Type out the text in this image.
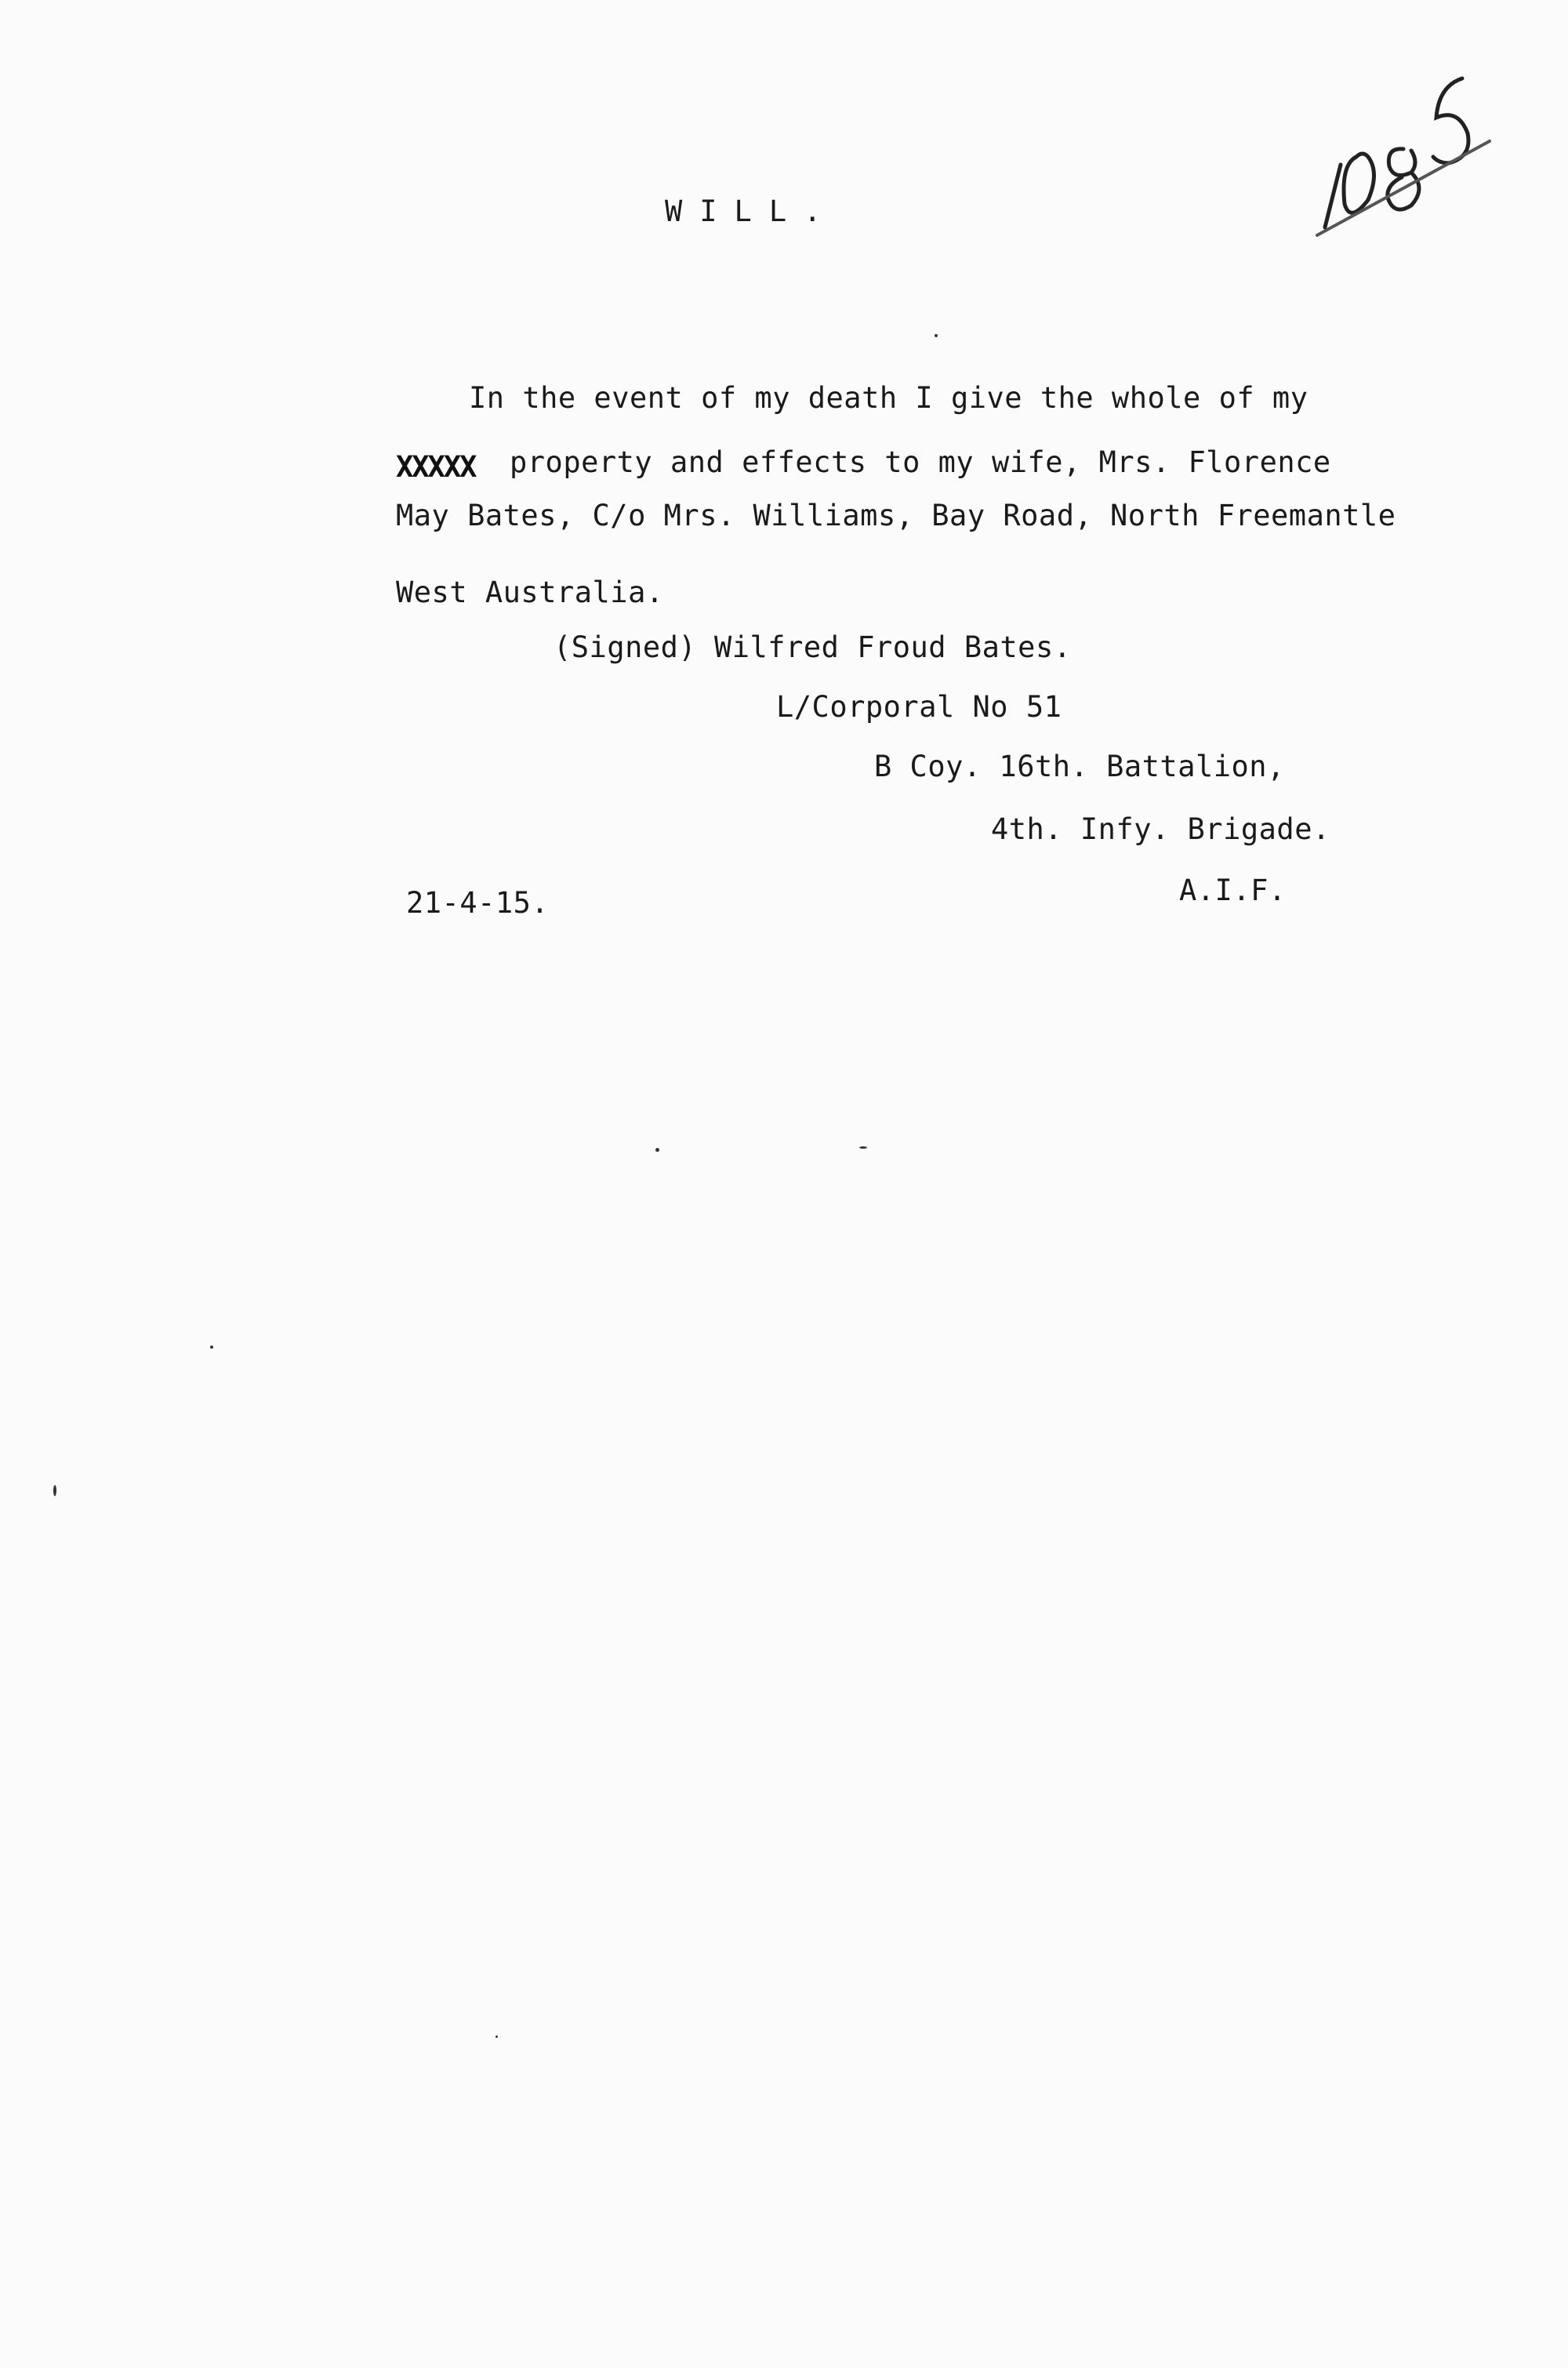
WILL.
In the event of my death I give the whole of my
XXXXX property and effects to my wife, Mrs. Florence
May Bates, C/o Mrs. Williams, Bay Road, North Freemantle
West Australia.
(Signed) Wilfred Froud Bates.
L/Corporal No 51
B Coy. 16th. Battalion,
4th. Infy. Brigade.
21-4-15.	A.I.F.
